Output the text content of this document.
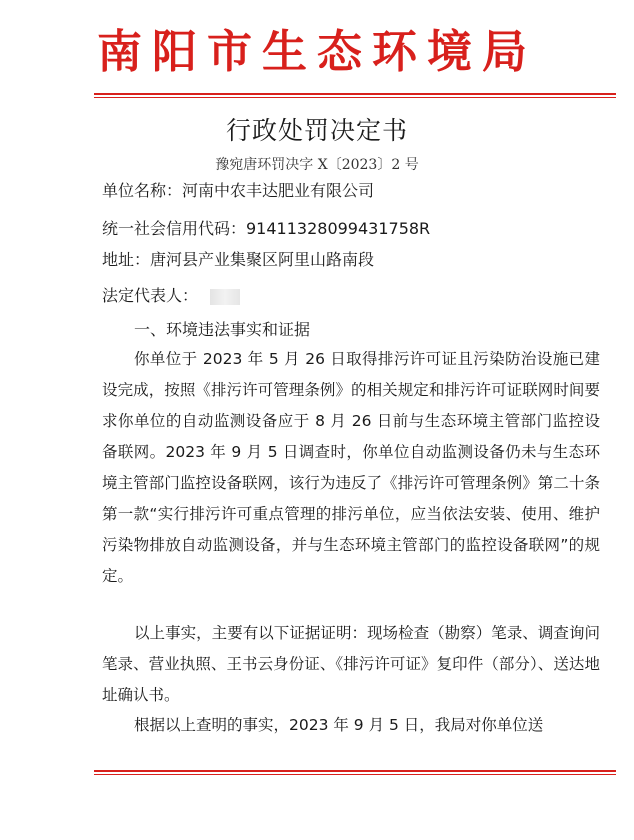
南阳市生态环境局
行政处罚决定书
豫宛唐环罚决字 X〔2023〕2 号
单位名称：河南中农丰达肥业有限公司
统一社会信用代码：91411328099431758R
地址：唐河县产业集聚区阿里山路南段
法定代表人：
一、环境违法事实和证据
你单位于 2023 年 5 月 26 日取得排污许可证且污染防治设施已建设完成，按照《排污许可管理条例》的相关规定和排污许可证联网时间要求你单位的自动监测设备应于 8 月 26 日前与生态环境主管部门监控设备联网。2023 年 9 月 5 日调查时，你单位自动监测设备仍未与生态环境主管部门监控设备联网，该行为违反了《排污许可管理条例》第二十条第一款“实行排污许可重点管理的排污单位，应当依法安装、使用、维护污染物排放自动监测设备，并与生态环境主管部门的监控设备联网”的规定。
以上事实，主要有以下证据证明：现场检查（勘察）笔录、调查询问笔录、营业执照、王书云身份证、《排污许可证》复印件（部分）、送达地址确认书。
根据以上查明的事实，2023 年 9 月 5 日，我局对你单位送
